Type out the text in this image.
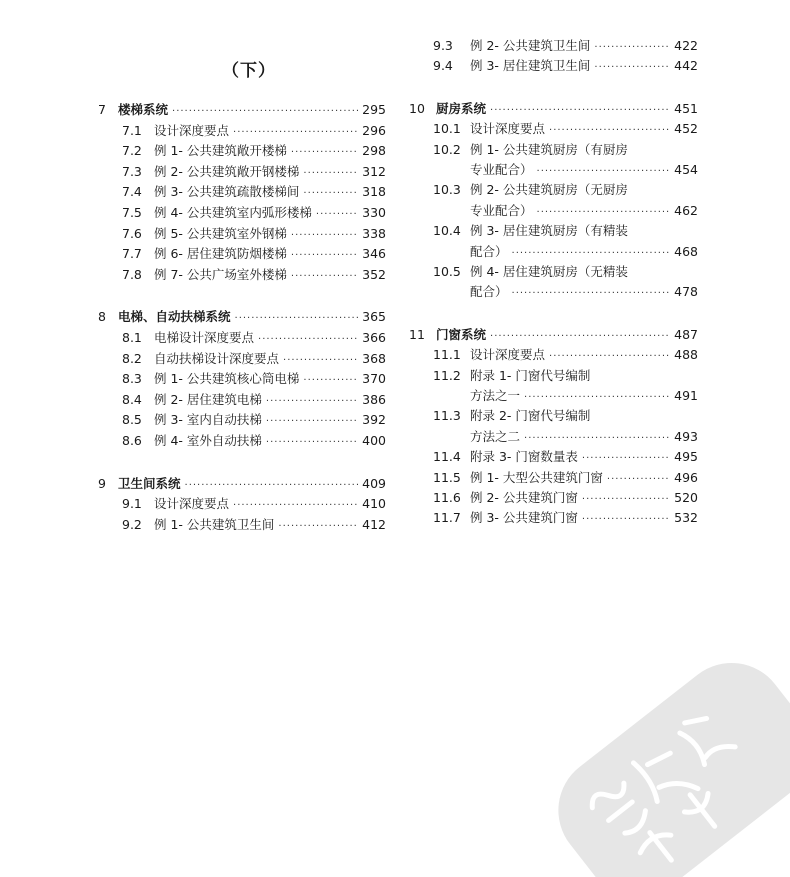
（下）
7 楼梯系统 ·····	295
7.1 设计深度要点 ·····	296
7.2 例 1- 公共建筑敞开楼梯 ·····	298
7.3 例 2- 公共建筑敞开钢楼梯 ·····	312
7.4 例 3- 公共建筑疏散楼梯间 ·····	318
7.5 例 4- 公共建筑室内弧形楼梯 ·····	330
7.6 例 5- 公共建筑室外钢梯 ·····	338
7.7 例 6- 居住建筑防烟楼梯 ·····	346
7.8 例 7- 公共广场室外楼梯 ·····	352
8 电梯、自动扶梯系统 ·····	365
8.1 电梯设计深度要点 ·····	366
8.2 自动扶梯设计深度要点 ·····	368
8.3 例 1- 公共建筑核心筒电梯 ·····	370
8.4 例 2- 居住建筑电梯 ·····	386
8.5 例 3- 室内自动扶梯 ·····	392
8.6 例 4- 室外自动扶梯 ·····	400
9 卫生间系统 ·····	409
9.1 设计深度要点 ·····	410
9.2 例 1- 公共建筑卫生间 ·····	412
9.3	例 2- 公共建筑卫生间 ·····	422
9.4	例 3- 居住建筑卫生间 ·····	442
10 厨房系统 ·····	451
10.1 设计深度要点 ·····	452
10.2 例 1- 公共建筑厨房（有厨房
专业配合） ·····	454
10.3 例 2- 公共建筑厨房（无厨房
专业配合） ·····	462
10.4 例 3- 居住建筑厨房（有精装
配合） ·····	468
10.5 例 4- 居住建筑厨房（无精装
配合） ·····	478
11 门窗系统 ·····	487
11.1 设计深度要点 ·····	488
11.2 附录 1- 门窗代号编制
方法之一 ·····	491
11.3 附录 2- 门窗代号编制
方法之二 ·····	493
11.4 附录 3- 门窗数量表 ·····	495
11.5 例 1- 大型公共建筑门窗 ·····	496
11.6 例 2- 公共建筑门窗 ·····	520
11.7 例 3- 公共建筑门窗 ·····	532
PDG
